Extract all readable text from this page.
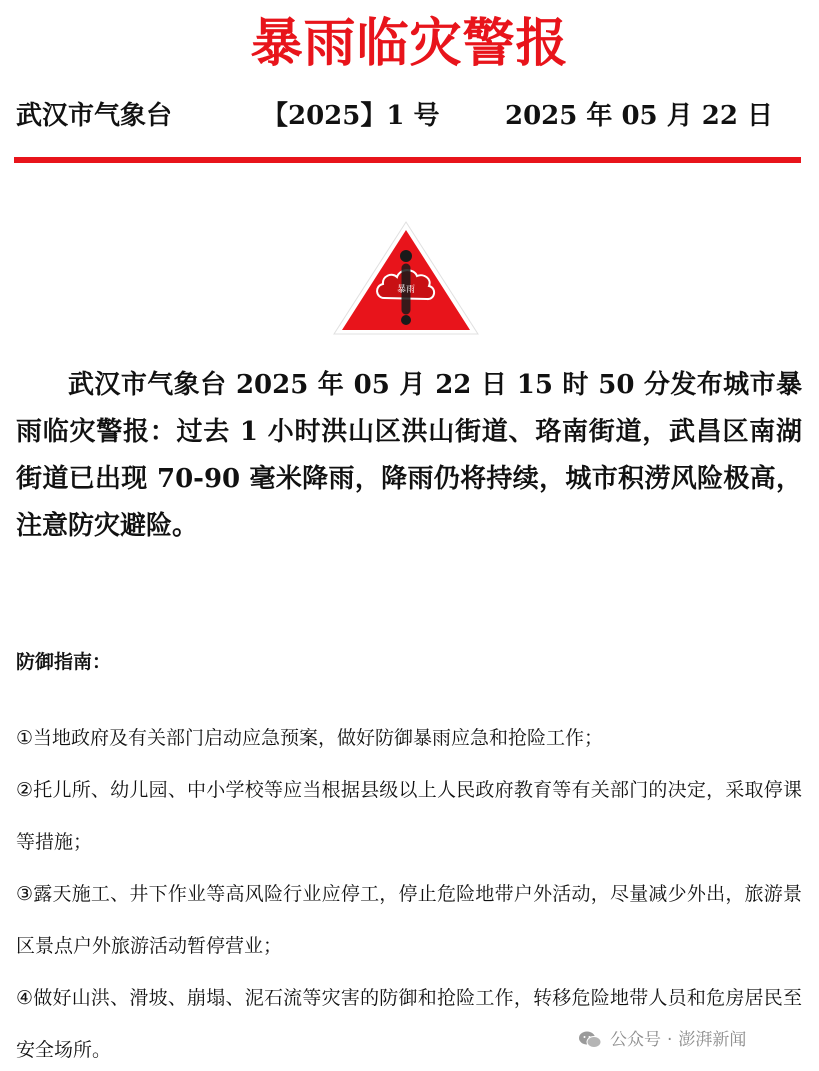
暴雨临灾警报
武汉市气象台	【2025】1 号	2025 年 05 月 22 日
暴雨
武汉市气象台 2025 年 05 月 22 日 15 时 50 分发布城市暴雨临灾警报：过去 1 小时洪山区洪山街道、珞南街道，武昌区南湖街道已出现 70-90 毫米降雨，降雨仍将持续，城市积涝风险极高，注意防灾避险。
防御指南：
①当地政府及有关部门启动应急预案，做好防御暴雨应急和抢险工作；
②托儿所、幼儿园、中小学校等应当根据县级以上人民政府教育等有关部门的决定，采取停课等措施；
③露天施工、井下作业等高风险行业应停工，停止危险地带户外活动，尽量减少外出，旅游景区景点户外旅游活动暂停营业；
④做好山洪、滑坡、崩塌、泥石流等灾害的防御和抢险工作，转移危险地带人员和危房居民至安全场所。	公众号 · 澎湃新闻
